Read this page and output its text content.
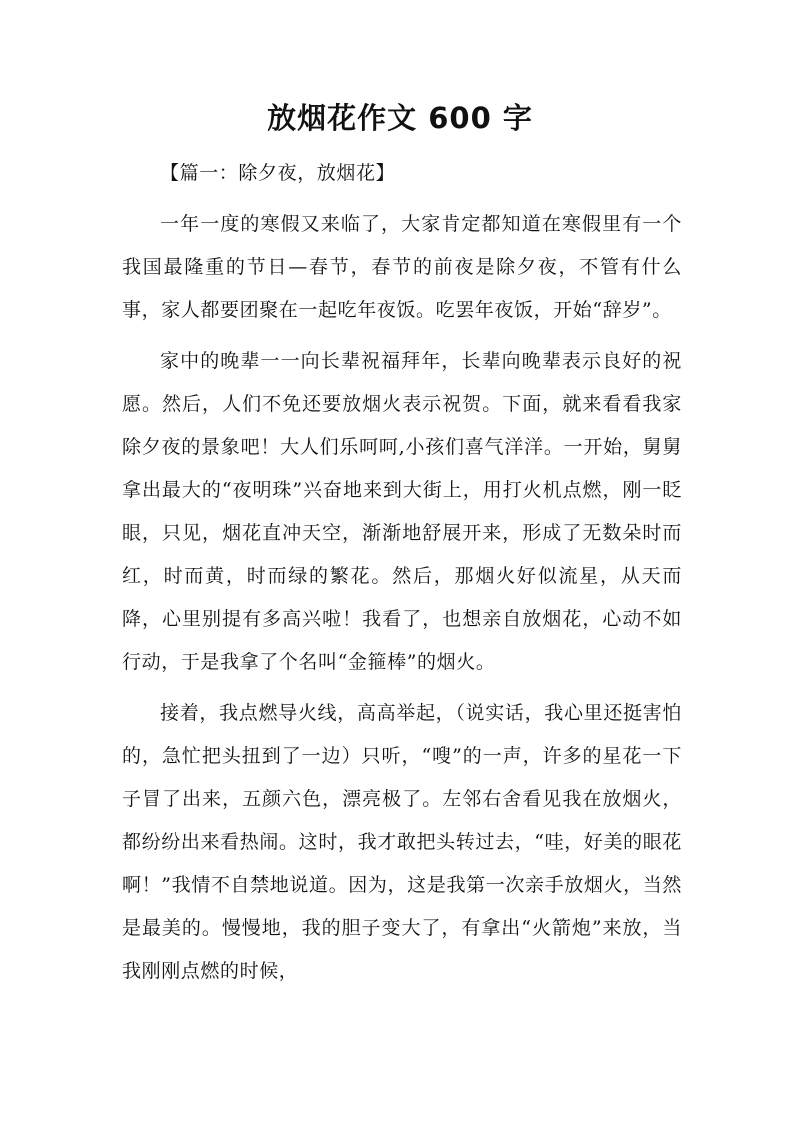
放烟花作文 600 字

【篇一：除夕夜，放烟花】

一年一度的寒假又来临了，大家肯定都知道在寒假里有一个我国最隆重的节日—春节，春节的前夜是除夕夜，不管有什么事，家人都要团聚在一起吃年夜饭。吃罢年夜饭，开始“辞岁”。

家中的晚辈一一向长辈祝福拜年，长辈向晚辈表示良好的祝愿。然后，人们不免还要放烟火表示祝贺。下面，就来看看我家除夕夜的景象吧！大人们乐呵呵,小孩们喜气洋洋。一开始，舅舅拿出最大的“夜明珠”兴奋地来到大街上，用打火机点燃，刚一眨眼，只见，烟花直冲天空，渐渐地舒展开来，形成了无数朵时而红，时而黄，时而绿的繁花。然后，那烟火好似流星，从天而降，心里别提有多高兴啦！我看了，也想亲自放烟花，心动不如行动，于是我拿了个名叫“金箍棒”的烟火。

接着，我点燃导火线，高高举起，（说实话，我心里还挺害怕的，急忙把头扭到了一边）只听，“嗖”的一声，许多的星花一下子冒了出来，五颜六色，漂亮极了。左邻右舍看见我在放烟火，都纷纷出来看热闹。这时，我才敢把头转过去，“哇，好美的眼花啊！”我情不自禁地说道。因为，这是我第一次亲手放烟火，当然是最美的。慢慢地，我的胆子变大了，有拿出“火箭炮”来放，当我刚刚点燃的时候，
